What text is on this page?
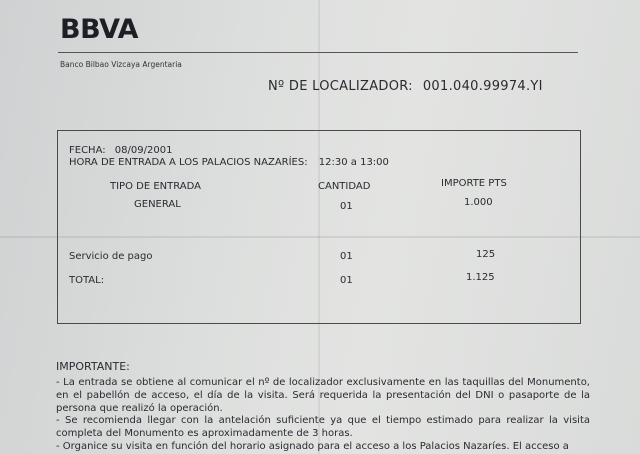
BBVA
Banco Bilbao Vizcaya Argentaria
Nº DE LOCALIZADOR: 001.040.99974.YI
FECHA: 08/09/2001
HORA DE ENTRADA A LOS PALACIOS NAZARÍES: 12:30 a 13:00
TIPO DE ENTRADA	CANTIDAD	IMPORTE PTS
GENERAL	01	1.000
Servicio de pago	01	125
TOTAL:	01	1.125
IMPORTANTE:
- La entrada se obtiene al comunicar el nº de localizador exclusivamente en las taquillas del Monumento, en el pabellón de acceso, el día de la visita. Será requerida la presentación del DNI o pasaporte de la persona que realizó la operación.
- Se recomienda llegar con la antelación suficiente ya que el tiempo estimado para realizar la visita completa del Monumento es aproximadamente de 3 horas.
- Organice su visita en función del horario asignado para el acceso a los Palacios Nazaríes. El acceso a
